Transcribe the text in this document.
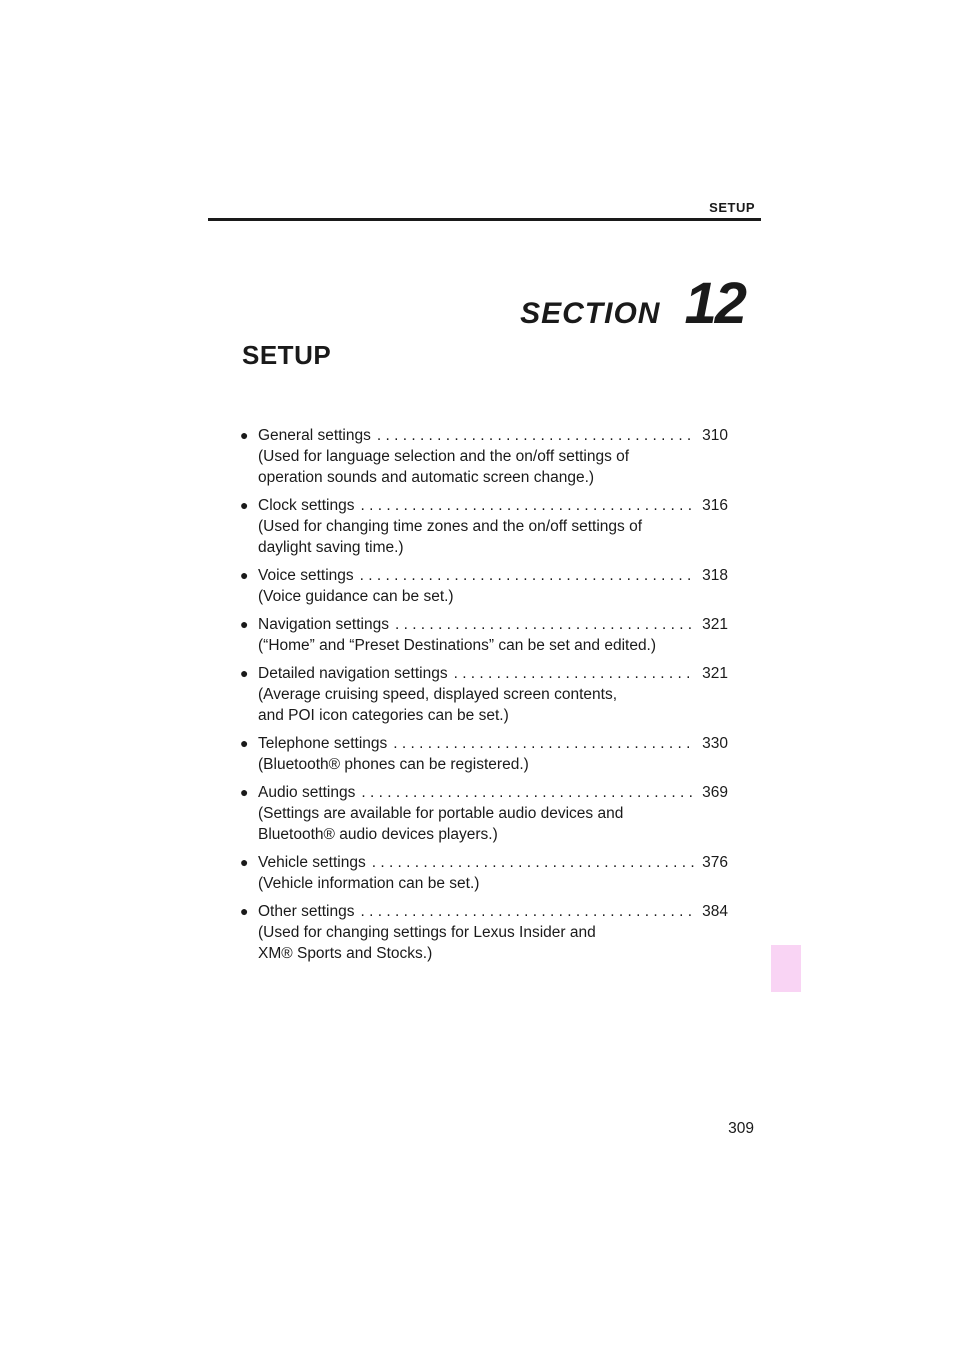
SETUP
SECTION 12
SETUP
● General settings . . .	310
(Used for language selection and the on/off settings of
operation sounds and automatic screen change.)
● Clock settings . . .	316
(Used for changing time zones and the on/off settings of
daylight saving time.)
● Voice settings . . .	318
(Voice guidance can be set.)
● Navigation settings . . .	321
(“Home” and “Preset Destinations” can be set and edited.)
● Detailed navigation settings . . .	321
(Average cruising speed, displayed screen contents,
and POI icon categories can be set.)
● Telephone settings . . .	330
(Bluetooth® phones can be registered.)
● Audio settings . . .	369
(Settings are available for portable audio devices and
Bluetooth® audio devices players.)
● Vehicle settings . . .	376
(Vehicle information can be set.)
● Other settings . . .	384
(Used for changing settings for Lexus Insider and
XM® Sports and Stocks.)
309
